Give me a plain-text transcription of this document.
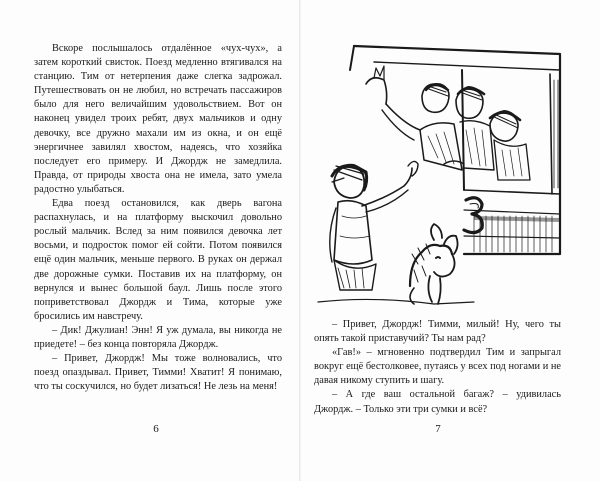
Вскоре послышалось отдалённое «чух-чух», а затем короткий свисток. Поезд медленно втягивался на станцию. Тим от нетерпения даже слегка задрожал. Путешествовать он не любил, но встречать пассажиров было для него величайшим удовольствием. Вот он наконец увидел троих ребят, двух мальчиков и одну девочку, все дружно махали им из окна, и он ещё энергичнее завилял хвостом, надеясь, что хозяйка последует его примеру. И Джордж не замедлила. Правда, от природы хвоста она не имела, зато умела радостно улыбаться.

Едва поезд остановился, как дверь вагона распахнулась, и на платформу выскочил довольно рослый мальчик. Вслед за ним появился девочка лет восьми, и подросток помог ей сойти. Потом появился ещё один мальчик, меньше первого. В руках он держал две дорожные сумки. Поставив их на платформу, он вернулся и вынес большой баул. Лишь после этого поприветствовал Джордж и Тима, которые уже бросились им навстречу.

– Дик! Джулиан! Энн! Я уж думала, вы никогда не приедете! – без конца повторяла Джордж.

– Привет, Джордж! Мы тоже волновались, что поезд опаздывал. Привет, Тимми! Хватит! Я понимаю, что ты соскучился, но будет лизаться! Не лезь на меня!

6

– Привет, Джордж! Тимми, милый! Ну, чего ты опять такой приставучий? Ты нам рад?

«Гав!» – мгновенно подтвердил Тим и запрыгал вокруг ещё бестолковее, путаясь у всех под ногами и не давая никому ступить и шагу.

– А где ваш остальной багаж? – удивилась Джордж. – Только эти три сумки и всё?

7
